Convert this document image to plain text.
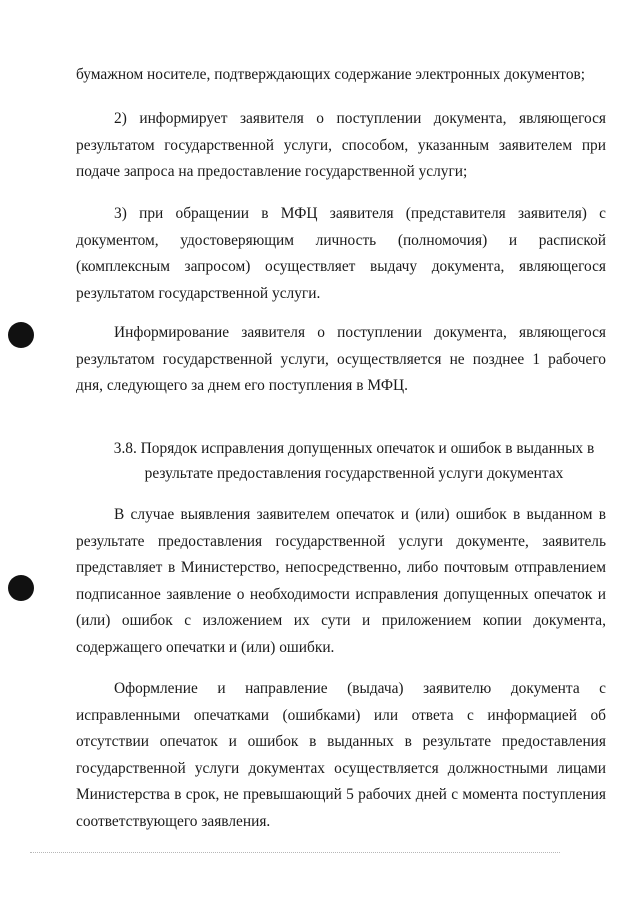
бумажном носителе, подтверждающих содержание электронных документов;

2) информирует заявителя о поступлении документа, являющегося результатом государственной услуги, способом, указанным заявителем при подаче запроса на предоставление государственной услуги;

3) при обращении в МФЦ заявителя (представителя заявителя) с документом, удостоверяющим личность (полномочия) и распиской (комплексным запросом) осуществляет выдачу документа, являющегося результатом государственной услуги.

Информирование заявителя о поступлении документа, являющегося результатом государственной услуги, осуществляется не позднее 1 рабочего дня, следующего за днем его поступления в МФЦ.

3.8. Порядок исправления допущенных опечаток и ошибок в выданных в результате предоставления государственной услуги документах

В случае выявления заявителем опечаток и (или) ошибок в выданном в результате предоставления государственной услуги документе, заявитель представляет в Министерство, непосредственно, либо почтовым отправлением подписанное заявление о необходимости исправления допущенных опечаток и (или) ошибок с изложением их сути и приложением копии документа, содержащего опечатки и (или) ошибки.

Оформление и направление (выдача) заявителю документа с исправленными опечатками (ошибками) или ответа с информацией об отсутствии опечаток и ошибок в выданных в результате предоставления государственной услуги документах осуществляется должностными лицами Министерства в срок, не превышающий 5 рабочих дней с момента поступления соответствующего заявления.
